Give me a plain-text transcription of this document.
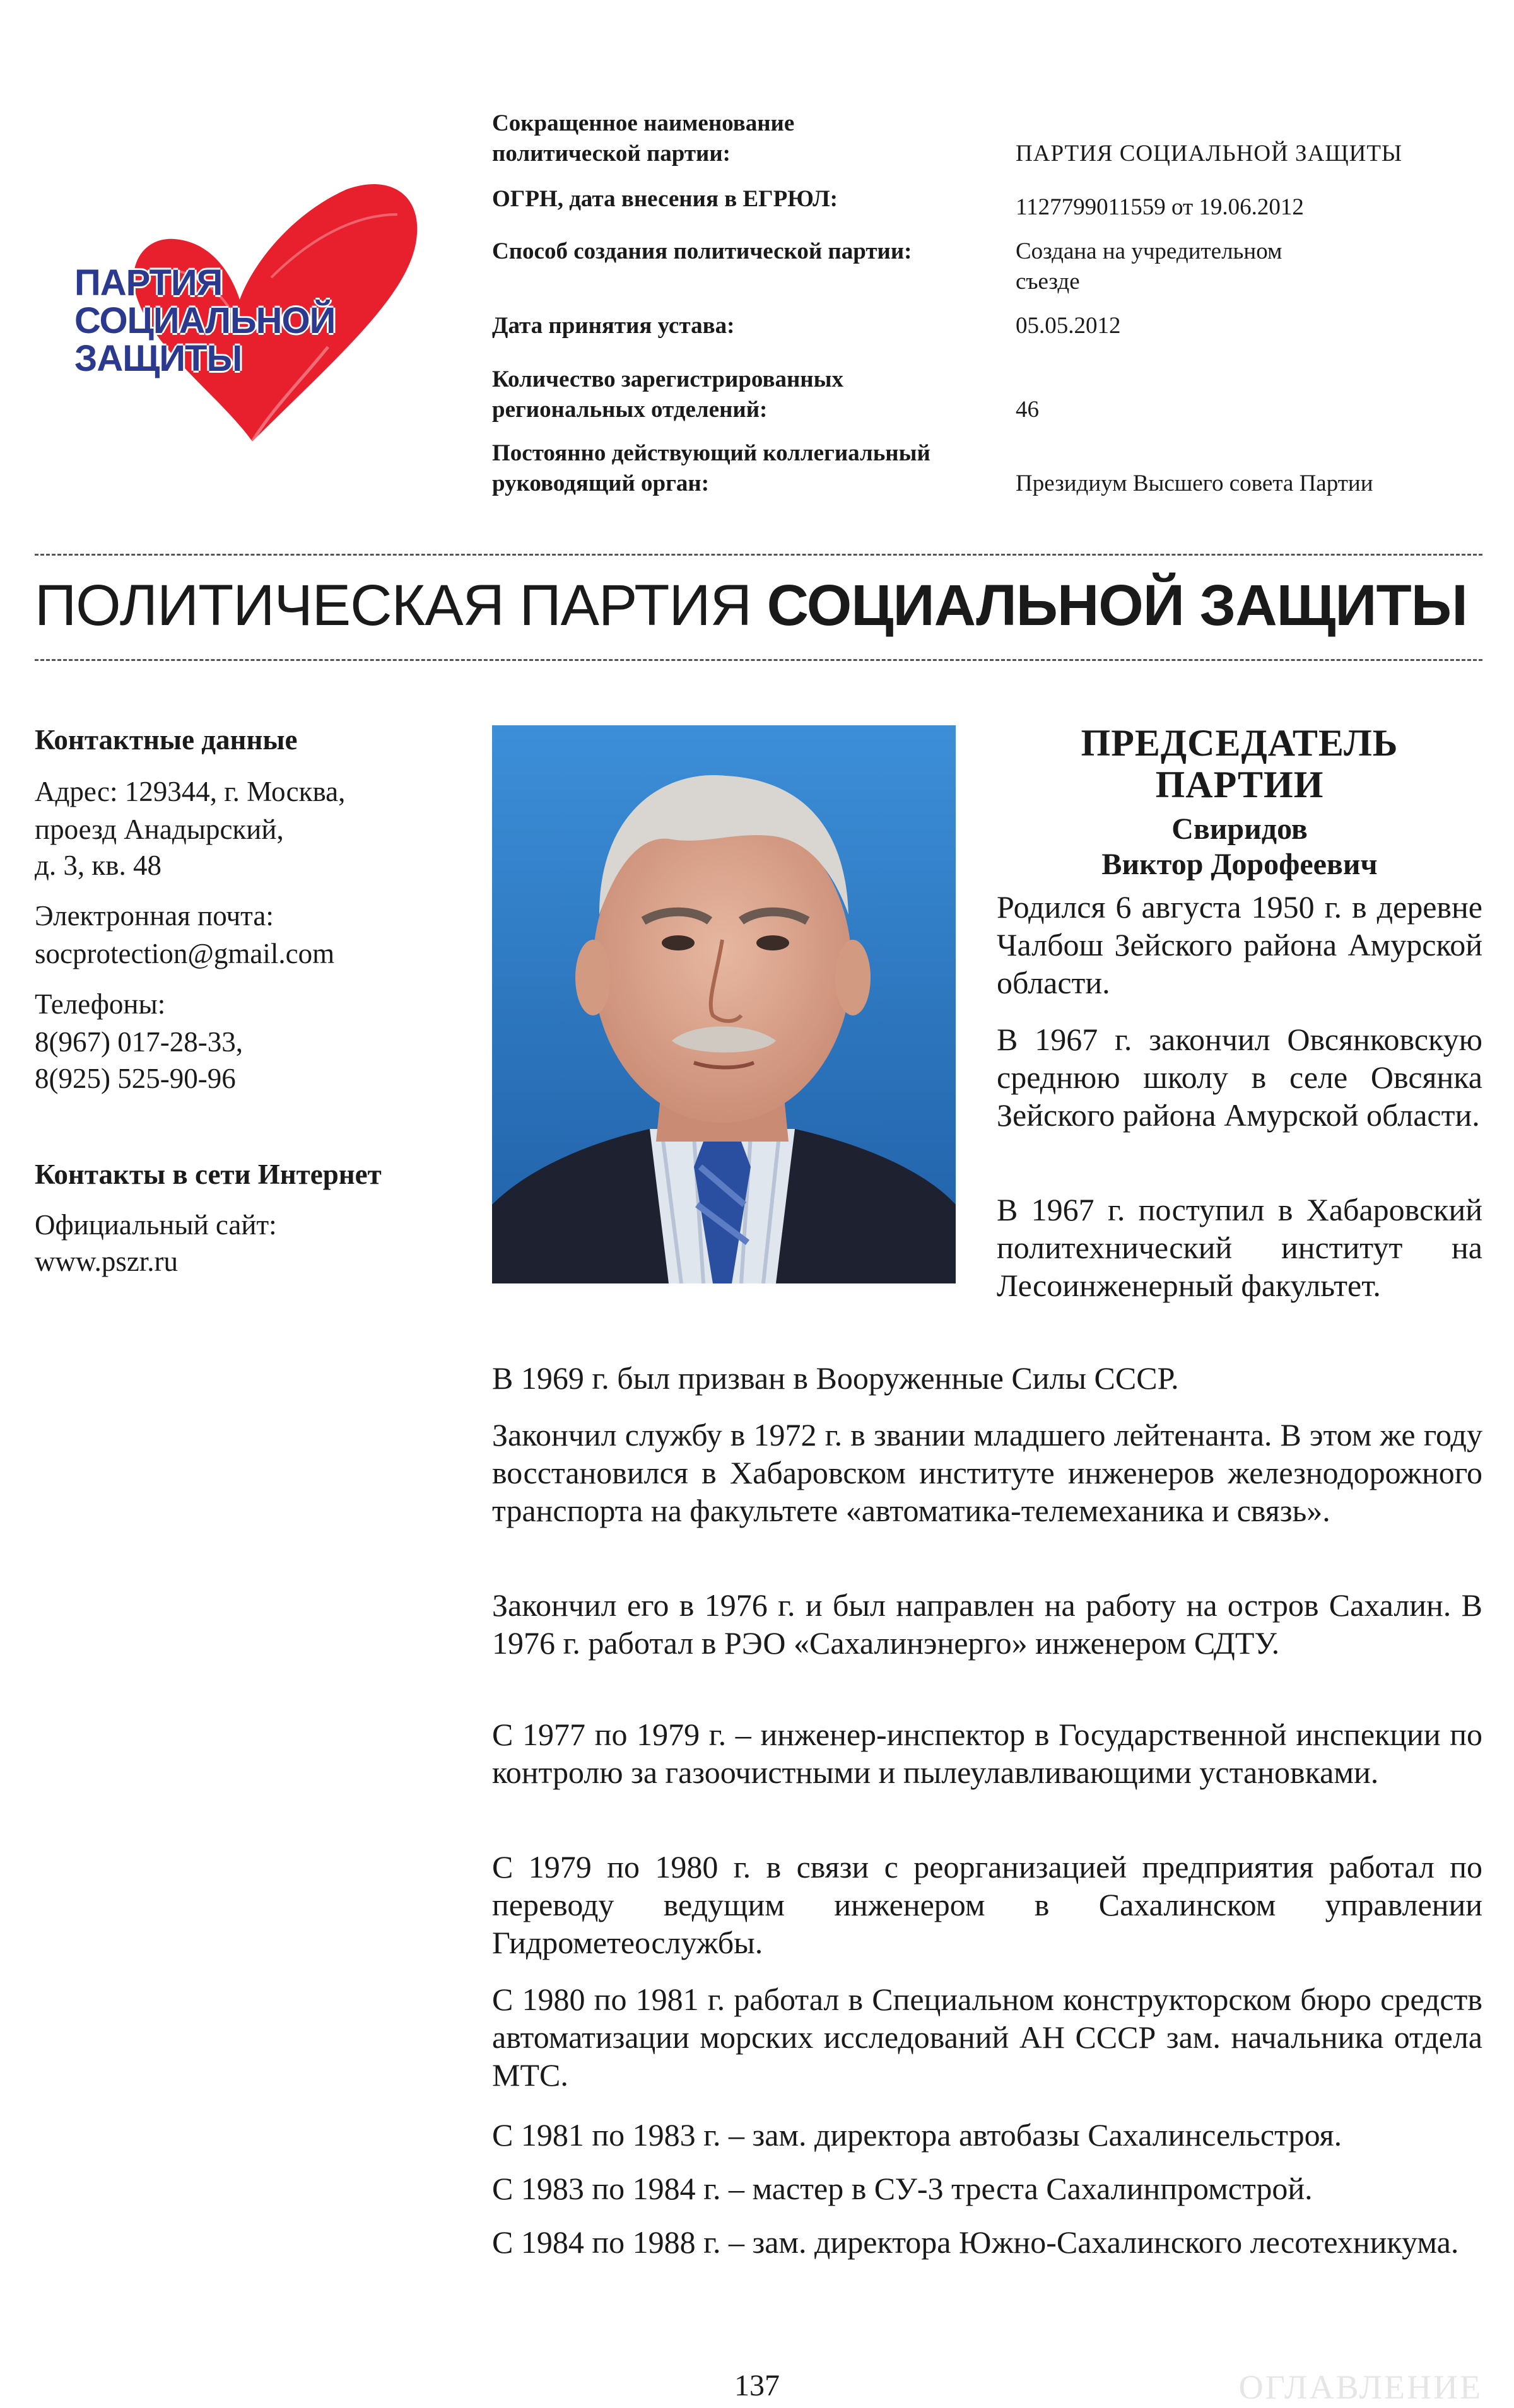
ПАРТИЯ
СОЦИАЛЬНОЙ
ЗАЩИТЫ
Сокращенное наименование
политической партии:	ПАРТИЯ СОЦИАЛЬНОЙ ЗАЩИТЫ
ОГРН, дата внесения в ЕГРЮЛ:	1127799011559 от 19.06.2012
Способ создания политической партии:	Создана на учредительном
съезде
Дата принятия устава:	05.05.2012
Количество зарегистрированных
региональных отделений:	46
Постоянно действующий коллегиальный
руководящий орган:	Президиум Высшего совета Партии
ПОЛИТИЧЕСКАЯ ПАРТИЯ СОЦИАЛЬНОЙ ЗАЩИТЫ
Контактные данные
Адрес: 129344, г. Москва,
проезд Анадырский,
д. 3, кв. 48
Электронная почта:
socprotection@gmail.com
Телефоны:
8(967) 017-28-33,
8(925) 525-90-96
Контакты в сети Интернет
Официальный сайт:
www.pszr.ru
ПРЕДСЕДАТЕЛЬ
ПАРТИИ
Свиридов
Виктор Дорофеевич
Родился 6 августа 1950 г. в деревне Чалбош Зейского района Амурской области.
В 1967 г. закончил Овсянковскую среднюю школу в селе Овсянка Зейского района Амурской области.
В 1967 г. поступил в Хабаровский политехнический институт на Лесоинженерный факультет.
В 1969 г. был призван в Вооруженные Силы СССР.
Закончил службу в 1972 г. в звании младшего лейтенанта. В этом же году восстановился в Хабаровском институте инженеров железнодорожного транспорта на факультете «автоматика-телемеханика и связь».
Закончил его в 1976 г. и был направлен на работу на остров Сахалин. В 1976 г. работал в РЭО «Сахалинэнерго» инженером СДТУ.
С 1977 по 1979 г. – инженер-инспектор в Государственной инспекции по контролю за газоочистными и пылеулавливающими установками.
С 1979 по 1980 г. в связи с реорганизацией предприятия работал по переводу ведущим инженером в Сахалинском управлении Гидрометеослужбы.
С 1980 по 1981 г. работал в Специальном конструкторском бюро средств автоматизации морских исследований АН СССР зам. начальника отдела МТС.
С 1981 по 1983 г. – зам. директора автобазы Сахалинсельстроя.
С 1983 по 1984 г. – мастер в СУ-3 треста Сахалинпромстрой.
С 1984 по 1988 г. – зам. директора Южно-Сахалинского лесотехникума.
137	ОГЛАВЛЕНИЕ
